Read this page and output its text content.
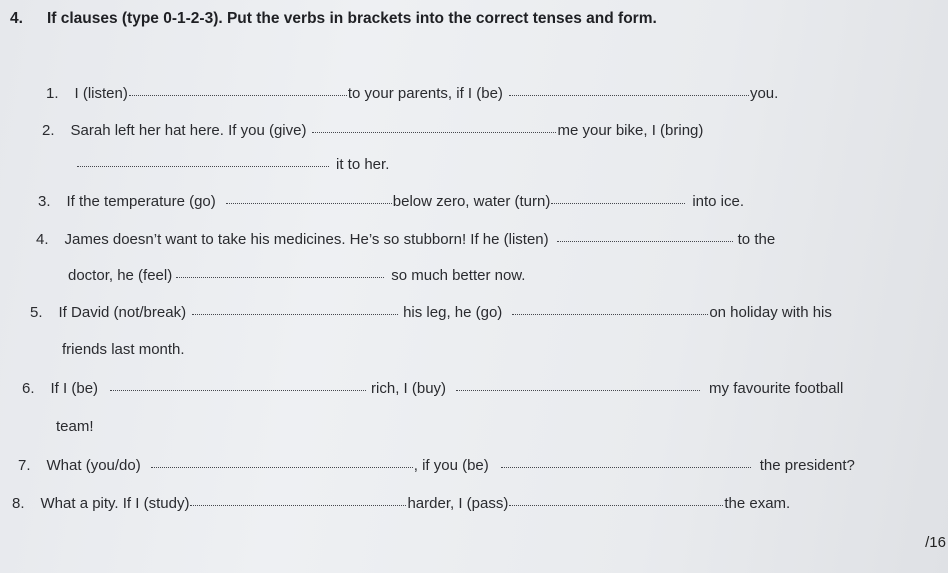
4. If clauses (type 0-1-2-3). Put the verbs in brackets into the correct tenses and form.
1. I (listen)	to your parents, if I (be)	you.
2. Sarah left her hat here. If you (give)	me your bike, I (bring)
it to her.
3. If the temperature (go)	below zero, water (turn)	into ice.
4. James doesn’t want to take his medicines. He’s so stubborn! If he (listen)	to the
doctor, he (feel)	so much better now.
5. If David (not/break)	his leg, he (go)	on holiday with his
friends last month.
6. If I (be)	rich, I (buy)	my favourite football
team!
7. What (you/do)	, if you (be)	the president?
8. What a pity. If I (study)	harder, I (pass)	the exam.
/16
